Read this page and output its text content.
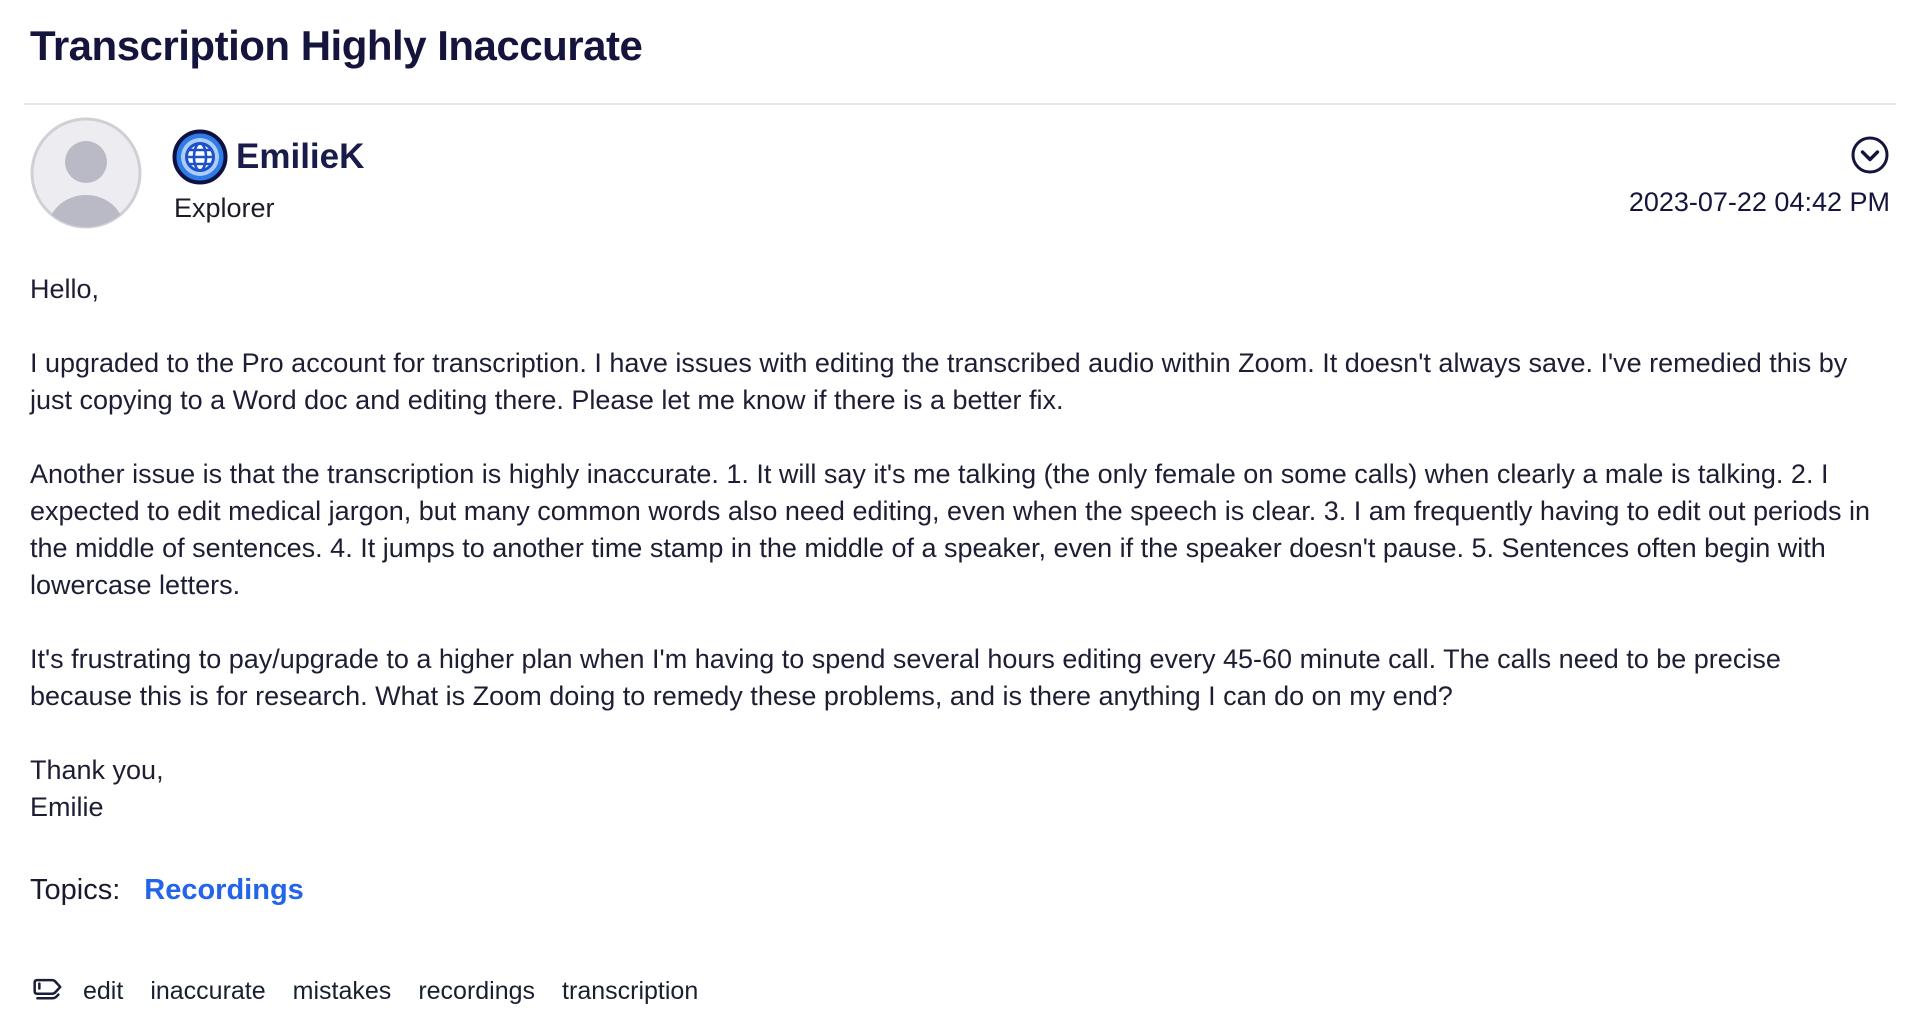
Transcription Highly Inaccurate
EmilieK
Explorer	2023-07-22 04:42 PM

Hello,

I upgraded to the Pro account for transcription. I have issues with editing the transcribed audio within Zoom. It doesn't always save. I've remedied this by just copying to a Word doc and editing there. Please let me know if there is a better fix.

Another issue is that the transcription is highly inaccurate. 1. It will say it's me talking (the only female on some calls) when clearly a male is talking. 2. I expected to edit medical jargon, but many common words also need editing, even when the speech is clear. 3. I am frequently having to edit out periods in the middle of sentences. 4. It jumps to another time stamp in the middle of a speaker, even if the speaker doesn't pause. 5. Sentences often begin with lowercase letters.

It's frustrating to pay/upgrade to a higher plan when I'm having to spend several hours editing every 45-60 minute call. The calls need to be precise because this is for research. What is Zoom doing to remedy these problems, and is there anything I can do on my end?

Thank you,
Emilie

Topics: Recordings
edit inaccurate mistakes recordings transcription
